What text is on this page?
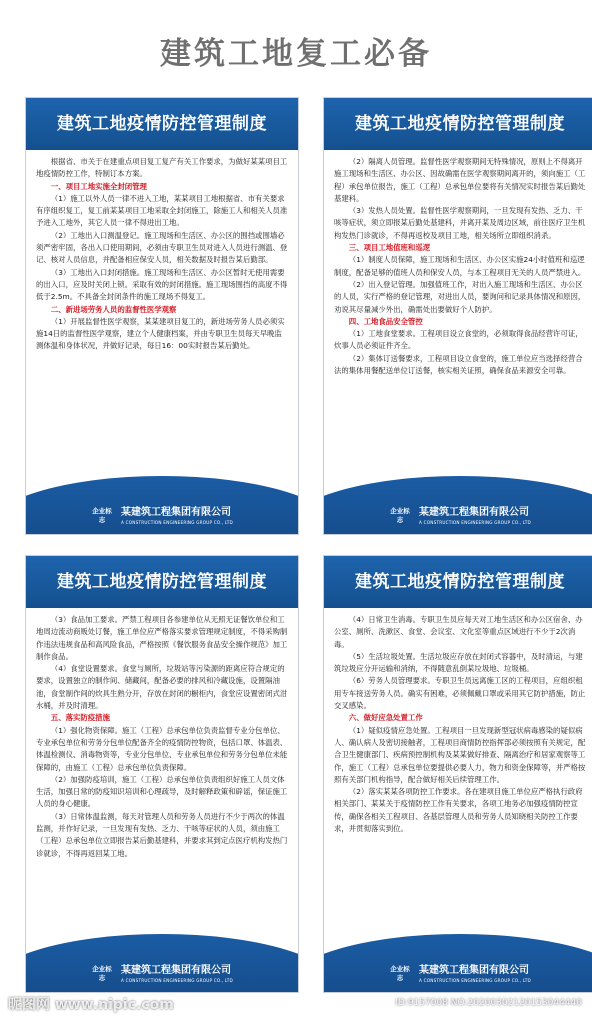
建筑工地复工必备
建筑工地疫情防控管理制度

根据省、市关于在建重点项目复工复产有关工作要求，为做好某某项目工地疫情防控工作，特制订本方案。

一、项目工地实施全封闭管理

（1）施工以外人员一律不进入工地，某某项目工地根据省、市有关要求有序组织复工，复工前某某项目工地采取全封闭施工，除施工人和相关人员准予进入工地外，其它人员一律不得进出工地。

（2）工地出入口测温登记。施工现场和生活区、办公区的围挡或围墙必须严密牢固，各出入口使用期间，必须由专职卫生员对进入人员进行测温、登记、核对人员信息，并配备相应保安人员，相关数据及时报告某后勤部。

（3）工地出入口封闭措施。施工现场和生活区、办公区暂时无使用需要的出入口，应及时关闭上锁。采取有效的封闭措施。施工现场围挡的高度不得低于2.5m。不具备全封闭条件的施工现场不得复工。

二、新进场劳务人员的监督性医学观察

（1）开展监督性医学观察，某某建项目复工的，新进场劳务人员必须实施14日的监督性医学观察，建立个人健康档案，并由专职卫生员每天早晚监测体温和身体状况，并做好记录，每日16：00实时报告某后勤处。

企业标志
某建筑工程集团有限公司
A CONSTRUCTION ENGINEERING GROUP CO., LTD
建筑工地疫情防控管理制度

（2）隔离人员管理。监督性医学观察期间无特殊情况，原则上不得离开施工现场和生活区、办公区、因故确需在医学观察期间离开的，须向施工（工程）承包单位报告，施工（工程）总承包单位要将有关情况实时报告某后勤处基建科。

（3）发热人员处置。监督性医学观察期间，一旦发现有发热、乏力、干咳等症状，须立即报某后勤处基建科，并离开某及周边区域，前往医疗卫生机构发热门诊就诊，不得再返校及项目工地，相关场所立即组织消杀。

三、项目工地值班和巡逻

（1）制度人员保障，施工现场和生活区、办公区实施24小时值班和巡逻制度，配备足够的值班人员和保安人员，与本工程项目无关的人员严禁进入。

（2）出入登记管理。加强值班工作，对出入施工现场和生活区、办公区的人员，实行严格的登记管理，对进出人员，要询问和记录具体情况和原因，劝说其尽量减少外出，确需处出要做好个人防护。

四、工地食品安全管控

（1）工地食堂要求。工程项目设立食堂的，必须取得食品经营许可证，炊事人员必须证件齐全。

（2）集体订送餐要求，工程项目设立食堂的，施工单位应当选择经营合法的集体用餐配送单位订送餐，核实相关证照，确保食品来源安全可靠。

企业标志
某建筑工程集团有限公司
A CONSTRUCTION ENGINEERING GROUP CO., LTD
建筑工地疫情防控管理制度

（3）食品加工要求。严禁工程项目各参建单位从无照无证餐饮单位和工地周边流动商贩处订餐，施工单位应严格落实要求管理规定制度，不得采购制作违法违规食品和高风险食品，严格按照《餐饮服务食品安全操作规范》加工制作食品。

（4）食堂设置要求。食堂与厕所，垃圾站等污染源的距离应符合规定的要求，设置独立的制作间、储藏间，配备必要的排风和冷藏设施，设置隔油池，食堂制作间的炊具生熟分开，存放在封闭的橱柜内，食堂应设置密闭式泔水桶，并及时清理。

五、落实防疫措施

（1）强化物资保障。施工（工程）总承包单位负责监督专业分包单位、专业承包单位和劳务分包单位配备齐全的疫情防控物资，包括口罩、体温表、体温检测仪、消毒物资等，专业分包单位、专业承包单位和劳务分包单位未能保障的，由施工（工程）总承包单位负责保障。

（2）加强防疫培训，施工（工程）总承包单位负责组织好施工人员文体生活，加强日常的防疫知识培训和心理疏导，及时解释政策和辟谣，保证施工人员的身心健康。

（3）日常体温监测，每天对管理人员和劳务人员进行不少于两次的体温监测，并作好记录，一旦发现有发热、乏力、干咳等症状的人员，须由施工（工程）总承包单位立即报告某后勤基建科，并要求其到定点医疗机构发热门诊就诊，不得再返回某工地。

企业标志
某建筑工程集团有限公司
A CONSTRUCTION ENGINEERING GROUP CO., LTD
建筑工地疫情防控管理制度

（4）日常卫生消毒。专职卫生员应每天对工地生活区和办公区宿舍、办公室、厕所、洗漱区、食堂、会议室、文化室等重点区域进行不少于2次消毒。

（5）生活垃圾处置。生活垃圾应存放在封闭式容器中，及时清运，与建筑垃圾应分开运输和消纳，不得随意乱倒某垃圾地、垃圾桶。

（6）劳务人员管理要求。专职卫生员远离施工区的工程项目，应组织租用专车接送劳务人员。确实有困难，必须佩戴口罩或采用其它防护措施，防止交叉感染。

六、做好应急处置工作

（1）疑似疫情应急处置。工程项目一旦发现新型冠状病毒感染的疑似病人、确认病人及密切接触者，工程项目商情防控指挥部必须按照有关规定，配合卫生健康部门、疾病预控制机构及某某做好排查、隔离治疗和居家观察等工作，施工（工程）总承包单位要提供必要人力，物力和资金保障等，并严格按照有关部门机构指导，配合做好相关后续管理工作。

（2）落实某某各项防控工作要求。各在建项目施工单位应严格执行政府相关部门、某某关于疫情防控工作有关要求，各项工地务必加强疫情防控宣传，确保各相关工程项目、各基层管理人员和劳务人员知晓相关防控工作要求，并贯彻落实到位。

企业标志
某建筑工程集团有限公司
A CONSTRUCTION ENGINEERING GROUP CO., LTD
昵图网 www.nipic.com	ID:9157008 NO:20200302120153044440
